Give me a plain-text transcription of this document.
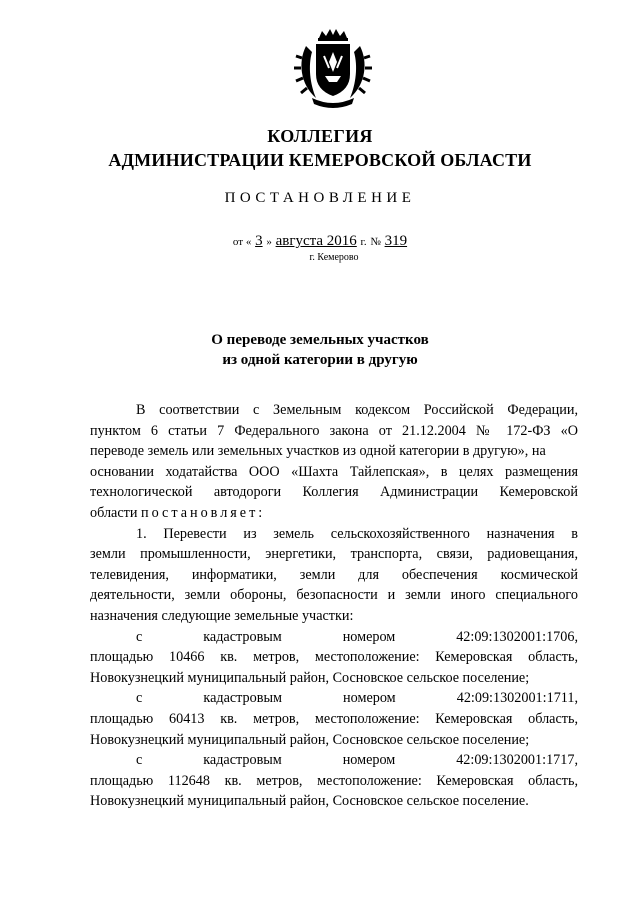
КОЛЛЕГИЯ
АДМИНИСТРАЦИИ КЕМЕРОВСКОЙ ОБЛАСТИ
ПОСТАНОВЛЕНИЕ
от « 3 » августа 2016 г. № 319
г. Кемерово
О переводе земельных участков
из одной категории в другую
В соответствии с Земельным кодексом Российской Федерации,
пунктом 6 статьи 7 Федерального закона от 21.12.2004 № 172-ФЗ «О
переводе земель или земельных участков из одной категории в другую», на
основании ходатайства ООО «Шахта Тайлепская», в целях размещения
технологической автодороги Коллегия Администрации Кемеровской
области постановляет:
1. Перевести из земель сельскохозяйственного назначения в
земли промышленности, энергетики, транспорта, связи, радиовещания,
телевидения, информатики, земли для обеспечения космической
деятельности, земли обороны, безопасности и земли иного специального
назначения следующие земельные участки:
с кадастровым номером 42:09:1302001:1706,
площадью 10466 кв. метров, местоположение: Кемеровская область,
Новокузнецкий муниципальный район, Сосновское сельское поселение;
с кадастровым номером 42:09:1302001:1711,
площадью 60413 кв. метров, местоположение: Кемеровская область,
Новокузнецкий муниципальный район, Сосновское сельское поселение;
с кадастровым номером 42:09:1302001:1717,
площадью 112648 кв. метров, местоположение: Кемеровская область,
Новокузнецкий муниципальный район, Сосновское сельское поселение.
